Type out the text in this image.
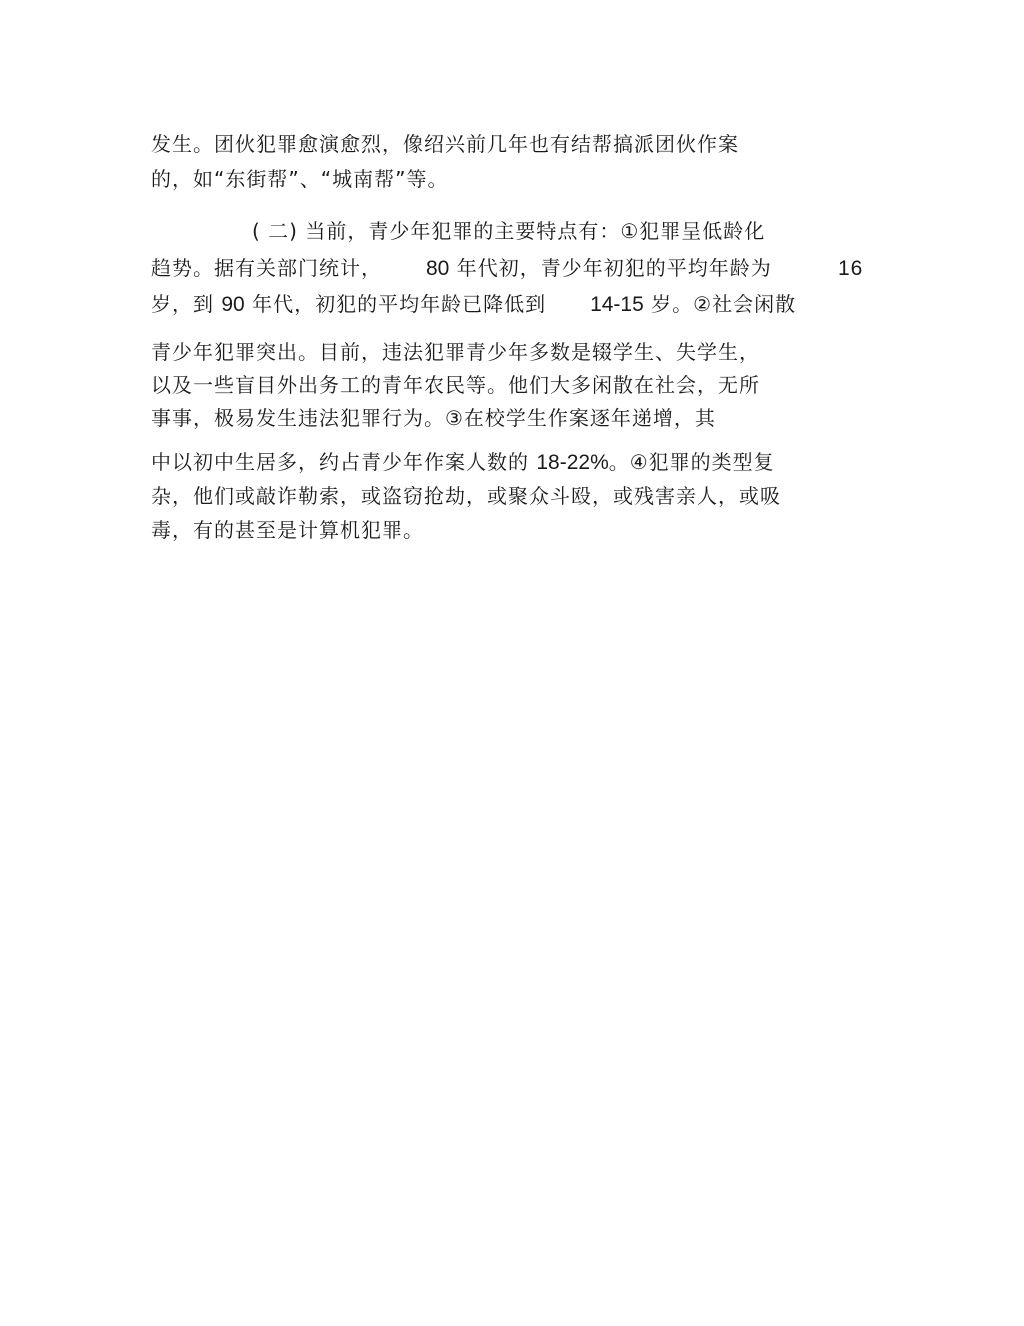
发生。团伙犯罪愈演愈烈，像绍兴前几年也有结帮搞派团伙作案
的，如“东街帮”、“城南帮”等。
( 二) 当前，青少年犯罪的主要特点有：①犯罪呈低龄化
趋势。据有关部门统计， 80 年代初，青少年初犯的平均年龄为	16
岁，到 90 年代，初犯的平均年龄已降低到 14-15 岁。②社会闲散
青少年犯罪突出。目前，违法犯罪青少年多数是辍学生、失学生，
以及一些盲目外出务工的青年农民等。他们大多闲散在社会，无所
事事，极易发生违法犯罪行为。③在校学生作案逐年递增，其
中以初中生居多，约占青少年作案人数的 18-22%。④犯罪的类型复
杂，他们或敲诈勒索，或盗窃抢劫，或聚众斗殴，或残害亲人，或吸
毒，有的甚至是计算机犯罪。
